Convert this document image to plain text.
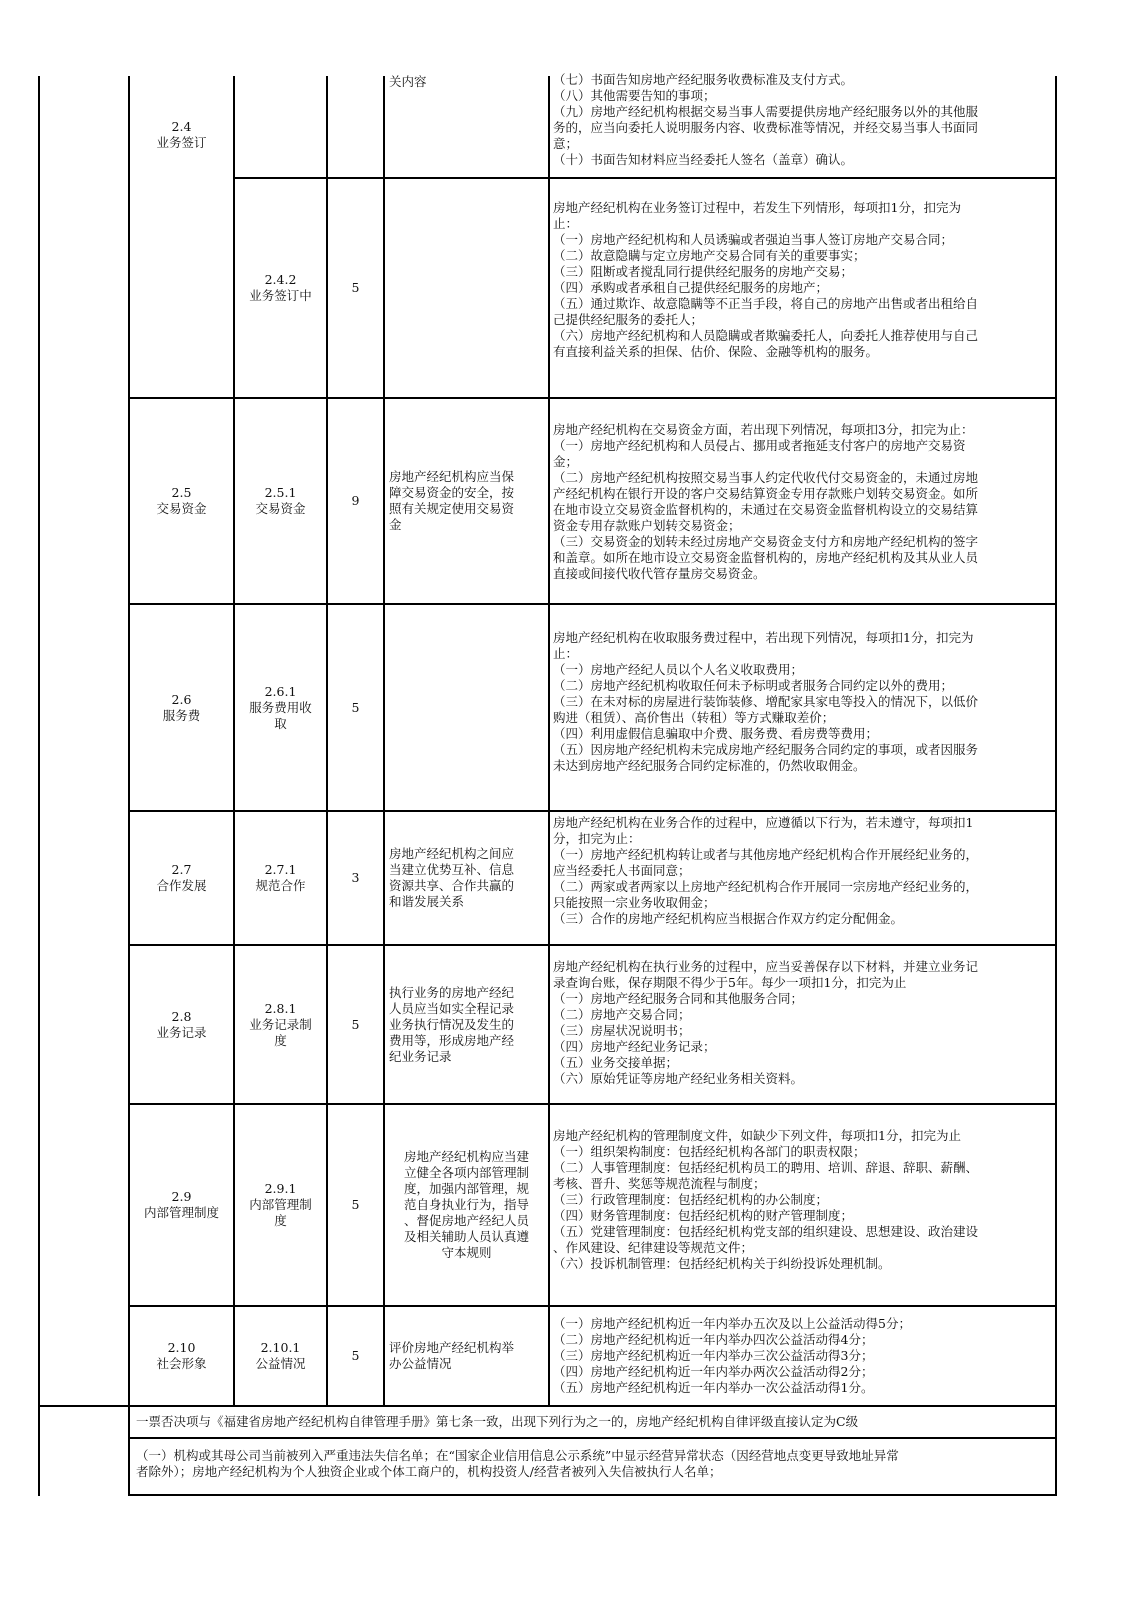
2.4
业务签订
关内容	（七）书面告知房地产经纪服务收费标准及支付方式。
（八）其他需要告知的事项；
（九）房地产经纪机构根据交易当事人需要提供房地产经纪服务以外的其他服
务的，应当向委托人说明服务内容、收费标准等情况，并经交易当事人书面同
意；
（十）书面告知材料应当经委托人签名（盖章）确认。
2.4.2
业务签订中
5
房地产经纪机构在业务签订过程中，若发生下列情形，每项扣1分，扣完为
止：
（一）房地产经纪机构和人员诱骗或者强迫当事人签订房地产交易合同；
（二）故意隐瞒与定立房地产交易合同有关的重要事实；
（三）阻断或者搅乱同行提供经纪服务的房地产交易；
（四）承购或者承租自己提供经纪服务的房地产；
（五）通过欺诈、故意隐瞒等不正当手段，将自己的房地产出售或者出租给自
己提供经纪服务的委托人；
（六）房地产经纪机构和人员隐瞒或者欺骗委托人，向委托人推荐使用与自己
有直接利益关系的担保、估价、保险、金融等机构的服务。
2.5
交易资金
2.5.1
交易资金
9
房地产经纪机构应当保
障交易资金的安全，按
照有关规定使用交易资
金
房地产经纪机构在交易资金方面，若出现下列情况，每项扣3分，扣完为止：
（一）房地产经纪机构和人员侵占、挪用或者拖延支付客户的房地产交易资
金；
（二）房地产经纪机构按照交易当事人约定代收代付交易资金的，未通过房地
产经纪机构在银行开设的客户交易结算资金专用存款账户划转交易资金。如所
在地市设立交易资金监督机构的，未通过在交易资金监督机构设立的交易结算
资金专用存款账户划转交易资金；
（三）交易资金的划转未经过房地产交易资金支付方和房地产经纪机构的签字
和盖章。如所在地市设立交易资金监督机构的，房地产经纪机构及其从业人员
直接或间接代收代管存量房交易资金。
2.6
服务费
2.6.1
服务费用收
取
5
房地产经纪机构在收取服务费过程中，若出现下列情况，每项扣1分，扣完为
止：
（一）房地产经纪人员以个人名义收取费用；
（二）房地产经纪机构收取任何未予标明或者服务合同约定以外的费用；
（三）在未对标的房屋进行装饰装修、增配家具家电等投入的情况下，以低价
购进（租赁）、高价售出（转租）等方式赚取差价；
（四）利用虚假信息骗取中介费、服务费、看房费等费用；
（五）因房地产经纪机构未完成房地产经纪服务合同约定的事项，或者因服务
未达到房地产经纪服务合同约定标准的，仍然收取佣金。
2.7
合作发展
2.7.1
规范合作
3
房地产经纪机构之间应
当建立优势互补、信息
资源共享、合作共赢的
和谐发展关系
房地产经纪机构在业务合作的过程中，应遵循以下行为，若未遵守，每项扣1
分，扣完为止：
（一）房地产经纪机构转让或者与其他房地产经纪机构合作开展经纪业务的，
应当经委托人书面同意；
（二）两家或者两家以上房地产经纪机构合作开展同一宗房地产经纪业务的，
只能按照一宗业务收取佣金；
（三）合作的房地产经纪机构应当根据合作双方约定分配佣金。
2.8
业务记录
2.8.1
业务记录制
度
5
执行业务的房地产经纪
人员应当如实全程记录
业务执行情况及发生的
费用等，形成房地产经
纪业务记录
房地产经纪机构在执行业务的过程中，应当妥善保存以下材料，并建立业务记
录查询台账，保存期限不得少于5年。每少一项扣1分，扣完为止
（一）房地产经纪服务合同和其他服务合同；
（二）房地产交易合同；
（三）房屋状况说明书；
（四）房地产经纪业务记录；
（五）业务交接单据；
（六）原始凭证等房地产经纪业务相关资料。
2.9
内部管理制度
2.9.1
内部管理制
度
5
房地产经纪机构应当建
立健全各项内部管理制
度，加强内部管理，规
范自身执业行为，指导
、督促房地产经纪人员
及相关辅助人员认真遵
守本规则
房地产经纪机构的管理制度文件，如缺少下列文件，每项扣1分，扣完为止
（一）组织架构制度：包括经纪机构各部门的职责权限；
（二）人事管理制度：包括经纪机构员工的聘用、培训、辞退、辞职、薪酬、
考核、晋升、奖惩等规范流程与制度；
（三）行政管理制度：包括经纪机构的办公制度；
（四）财务管理制度：包括经纪机构的财产管理制度；
（五）党建管理制度：包括经纪机构党支部的组织建设、思想建设、政治建设
、作风建设、纪律建设等规范文件；
（六）投诉机制管理：包括经纪机构关于纠纷投诉处理机制。
2.10
社会形象
2.10.1
公益情况
5
评价房地产经纪机构举
办公益情况
（一）房地产经纪机构近一年内举办五次及以上公益活动得5分；
（二）房地产经纪机构近一年内举办四次公益活动得4分；
（三）房地产经纪机构近一年内举办三次公益活动得3分；
（四）房地产经纪机构近一年内举办两次公益活动得2分；
（五）房地产经纪机构近一年内举办一次公益活动得1分。
一票否决项与《福建省房地产经纪机构自律管理手册》第七条一致，出现下列行为之一的，房地产经纪机构自律评级直接认定为C级
（一）机构或其母公司当前被列入严重违法失信名单；在“国家企业信用信息公示系统”中显示经营异常状态（因经营地点变更导致地址异常
者除外）；房地产经纪机构为个人独资企业或个体工商户的，机构投资人/经营者被列入失信被执行人名单；
